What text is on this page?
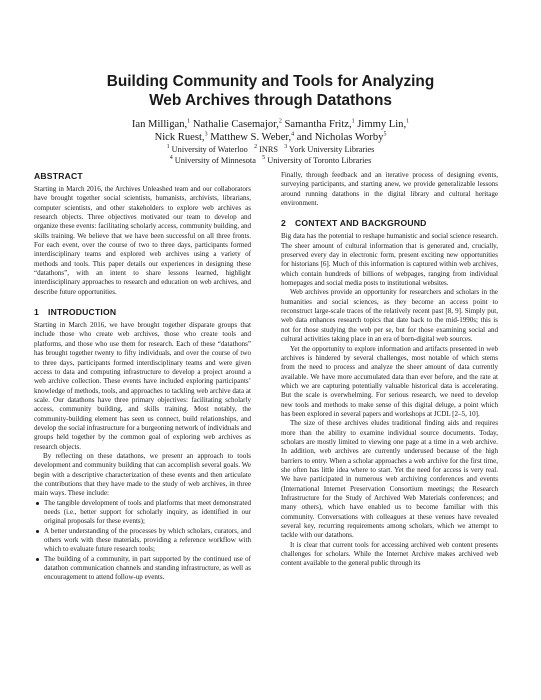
Building Community and Tools for Analyzing
Web Archives through Datathons
Ian Milligan,$^1$ Nathalie Casemajor,$^2$ Samantha Fritz,$^1$ Jimmy Lin,$^1$
Nick Ruest,$^3$ Matthew S. Weber,$^4$ and Nicholas Worby$^5$
$^1$ University of Waterloo $^2$ INRS $^3$ York University Libraries
$^4$ University of Minnesota $^5$ University of Toronto Libraries
ABSTRACT

Starting in March 2016, the Archives Unleashed team and our collaborators have brought together social scientists, humanists, archivists, librarians, computer scientists, and other stakeholders to explore web archives as research objects. Three objectives motivated our team to develop and organize these events: facilitating scholarly access, community building, and skills training. We believe that we have been successful on all three fronts. For each event, over the course of two to three days, participants formed interdisciplinary teams and explored web archives using a variety of methods and tools. This paper details our experiences in designing these “datathons”, with an intent to share lessons learned, highlight interdisciplinary approaches to research and education on web archives, and describe future opportunities.

1 INTRODUCTION

Starting in March 2016, we have brought together disparate groups that include those who create web archives, those who create tools and platforms, and those who use them for research. Each of these “datathons” has brought together twenty to fifty individuals, and over the course of two to three days, participants formed interdisciplinary teams and were given access to data and computing infrastructure to develop a project around a web archive collection. These events have included exploring participants’ knowledge of methods, tools, and approaches to tackling web archive data at scale. Our datathons have three primary objectives: facilitating scholarly access, community building, and skills training. Most notably, the community-building element has seen us connect, build relationships, and develop the social infrastructure for a burgeoning network of individuals and groups held together by the common goal of exploring web archives as research objects.

By reflecting on these datathons, we present an approach to tools development and community building that can accomplish several goals. We begin with a descriptive characterization of these events and then articulate the contributions that they have made to the study of web archives, in three main ways. These include:

The tangible development of tools and platforms that meet demonstrated needs (i.e., better support for scholarly inquiry, as identified in our original proposals for these events);
A better understanding of the processes by which scholars, curators, and others work with these materials, providing a reference workflow with which to evaluate future research tools;
The building of a community, in part supported by the continued use of datathon communication channels and standing infrastructure, as well as encouragement to attend follow-up events.

Finally, through feedback and an iterative process of designing events, surveying participants, and starting anew, we provide generalizable lessons around running datathons in the digital library and cultural heritage environment.

2 CONTEXT AND BACKGROUND

Big data has the potential to reshape humanistic and social science research. The sheer amount of cultural information that is generated and, crucially, preserved every day in electronic form, present exciting new opportunities for historians [6]. Much of this information is captured within web archives, which contain hundreds of billions of webpages, ranging from individual homepages and social media posts to institutional websites.

Web archives provide an opportunity for researchers and scholars in the humanities and social sciences, as they become an access point to reconstruct large-scale traces of the relatively recent past [8, 9]. Simply put, web data enhances research topics that date back to the mid-1990s; this is not for those studying the web per se, but for those examining social and cultural activities taking place in an era of born-digital web sources.

Yet the opportunity to explore information and artifacts presented in web archives is hindered by several challenges, most notable of which stems from the need to process and analyze the sheer amount of data currently available. We have more accumulated data than ever before, and the rate at which we are capturing potentially valuable historical data is accelerating. But the scale is overwhelming. For serious research, we need to develop new tools and methods to make sense of this digital deluge, a point which has been explored in several papers and workshops at JCDL [2–5, 10].

The size of these archives eludes traditional finding aids and requires more than the ability to examine individual source documents. Today, scholars are mostly limited to viewing one page at a time in a web archive. In addition, web archives are currently underused because of the high barriers to entry. When a scholar approaches a web archive for the first time, she often has little idea where to start. Yet the need for access is very real. We have participated in numerous web archiving conferences and events (International Internet Preservation Consortium meetings; the Research Infrastructure for the Study of Archived Web Materials conferences; and many others), which have enabled us to become familiar with this community. Conversations with colleagues at these venues have revealed several key, recurring requirements among scholars, which we attempt to tackle with our datathons.

It is clear that current tools for accessing archived web content presents challenges for scholars. While the Internet Archive makes archived web content available to the general public through its
